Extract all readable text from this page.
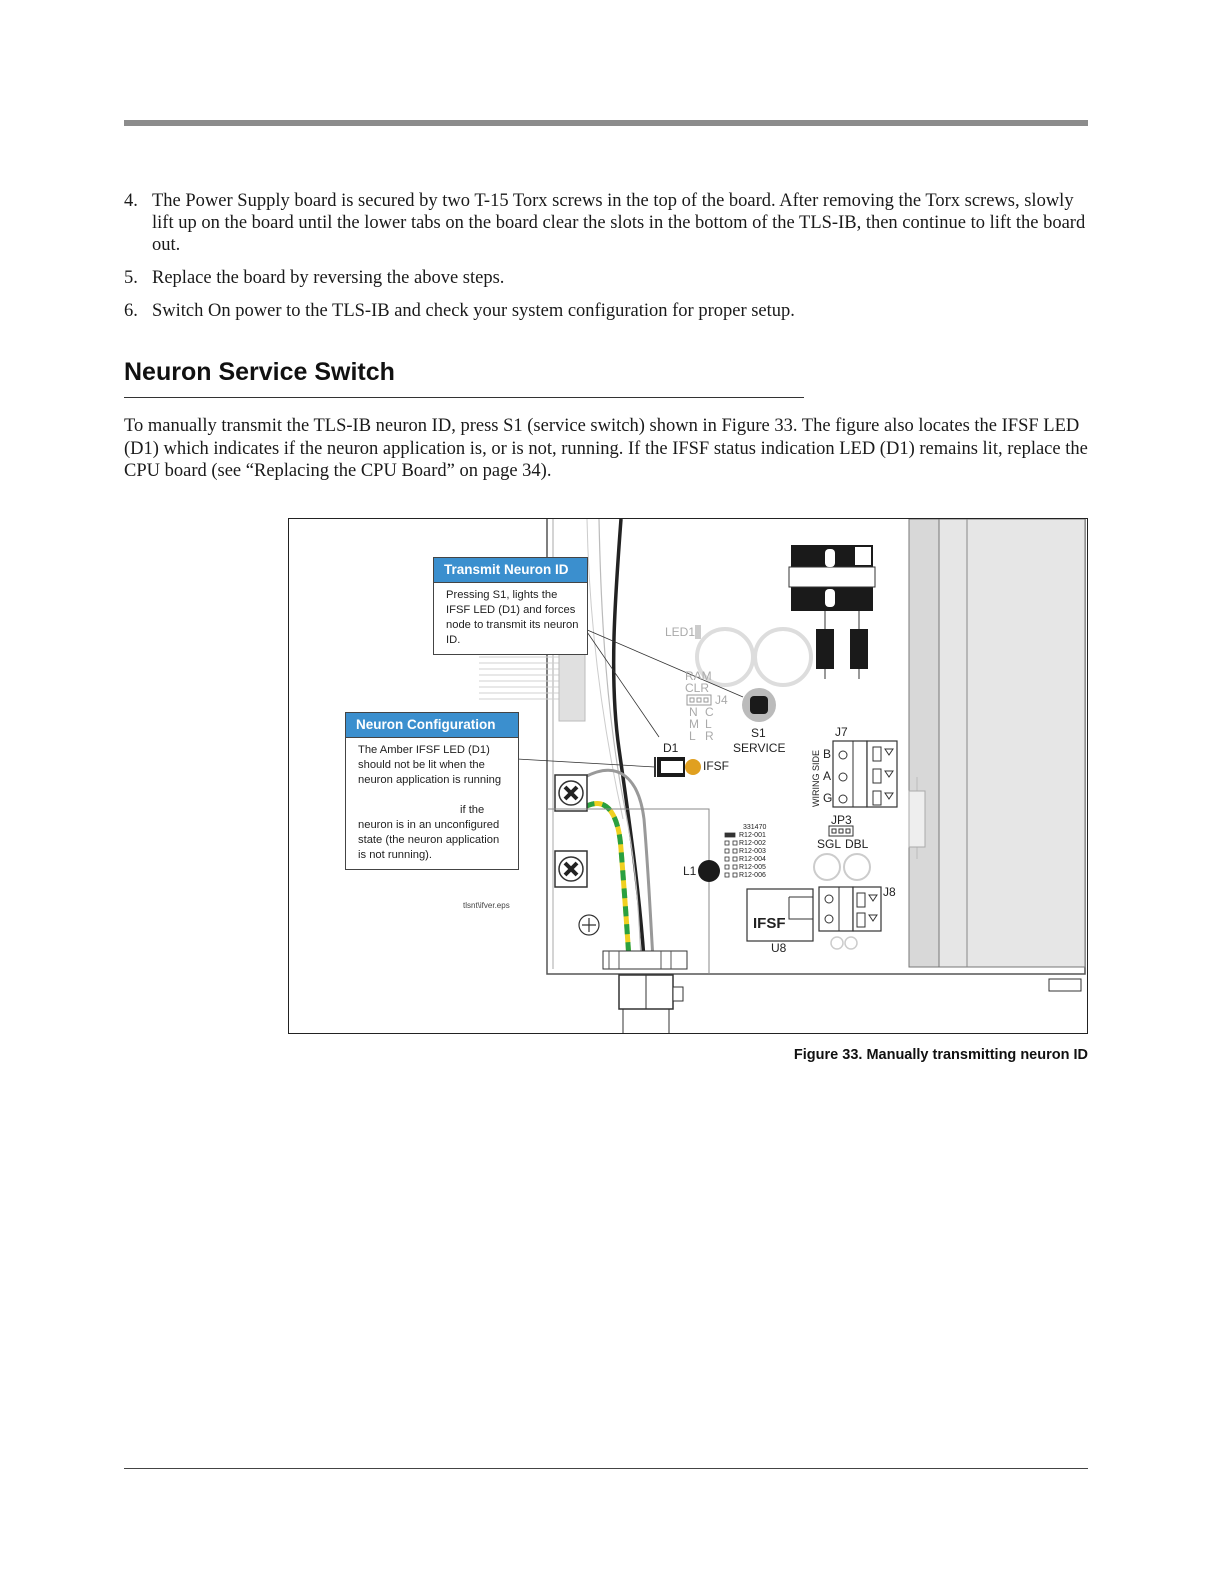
4. The Power Supply board is secured by two T-15 Torx screws in the top of the board. After removing the Torx screws, slowly lift up on the board until the lower tabs on the board clear the slots in the bottom of the TLS-IB, then continue to lift the board out.
5. Replace the board by reversing the above steps.
6. Switch On power to the TLS-IB and check your system configuration for proper setup.
Neuron Service Switch

To manually transmit the TLS-IB neuron ID, press S1 (service switch) shown in Figure 33. The figure also locates the IFSF LED (D1) which indicates if the neuron application is, or is not, running. If the IFSF status indication LED (D1) remains lit, replace the CPU board (see “Replacing the CPU Board” on page 34).

Transmit Neuron ID
Pressing S1, lights the IFSF LED (D1) and forces node to transmit its neuron ID.
Neuron Configuration
The Amber IFSF LED (D1) should not be lit when the neuron application is running
if the
neuron is in an unconfigured state (the neuron application is not running).
LED1
RAM
CLR
J4
N
M
L
C
L
R	S1
SERVICE
D1
IFSF
J7
WIRING SIDE B
A
G
JP3
SGL DBL
331470
R12-001
R12-002
R12-003
R12-004
R12-005
R12-006
L1
J8
IFSF
U8
tlsnt\ifver.eps
Figure 33. Manually transmitting neuron ID
